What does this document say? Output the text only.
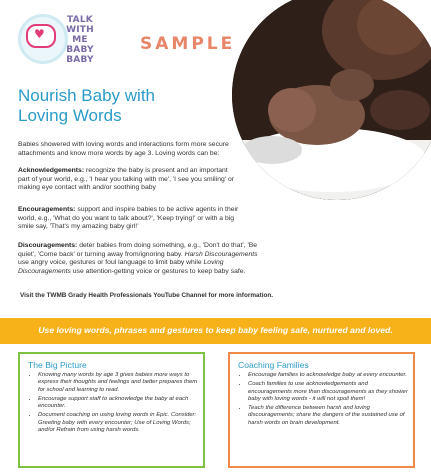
♥
TALK
WITH ME
BABY
BABY
SAMPLE
Nourish Baby with
Loving Words
Babies showered with loving words and interactions form more secure attachments and know more words by age 3. Loving words can be:
Acknowledgements: recognize the baby is present and an important part of your world, e.g., 'I hear you talking with me', 'I see you smiling' or making eye contact with and/or soothing baby
Encouragements: support and inspire babies to be active agents in their world, e.g., 'What do you want to talk about?', 'Keep trying!' or with a big smile say, 'That's my amazing baby girl!'
Discouragements: deter babies from doing something, e.g., 'Don't do that', 'Be quiet', 'Come back' or turning away from/ignoring baby. Harsh Discouragements use angry voice, gestures or foul language to limit baby while Loving Discouragements use attention-getting voice or gestures to keep baby safe.
Visit the TWMB Grady Health Professionals YouTube Channel for more information.
Use loving words, phrases and gestures to keep baby feeling safe, nurtured and loved.
The Big Picture
• Knowing many words by age 3 gives babies more ways to express their thoughts and feelings and better prepares them for school and learning to read.
• Encourage support staff to acknowledge the baby at each encounter.
• Document coaching on using loving words in Epic. Consider: Greeting baby with every encounter; Use of Loving Words; and/or Refrain from using harsh words.
Coaching Families
• Encourage families to acknowledge baby at every encounter.
• Coach families to use acknowledgements and encouragements more than discouragements as they shower baby with loving words - it will not spoil them!
• Teach the difference between harsh and loving discouragements; share the dangers of the sustained use of harsh words on brain development.
